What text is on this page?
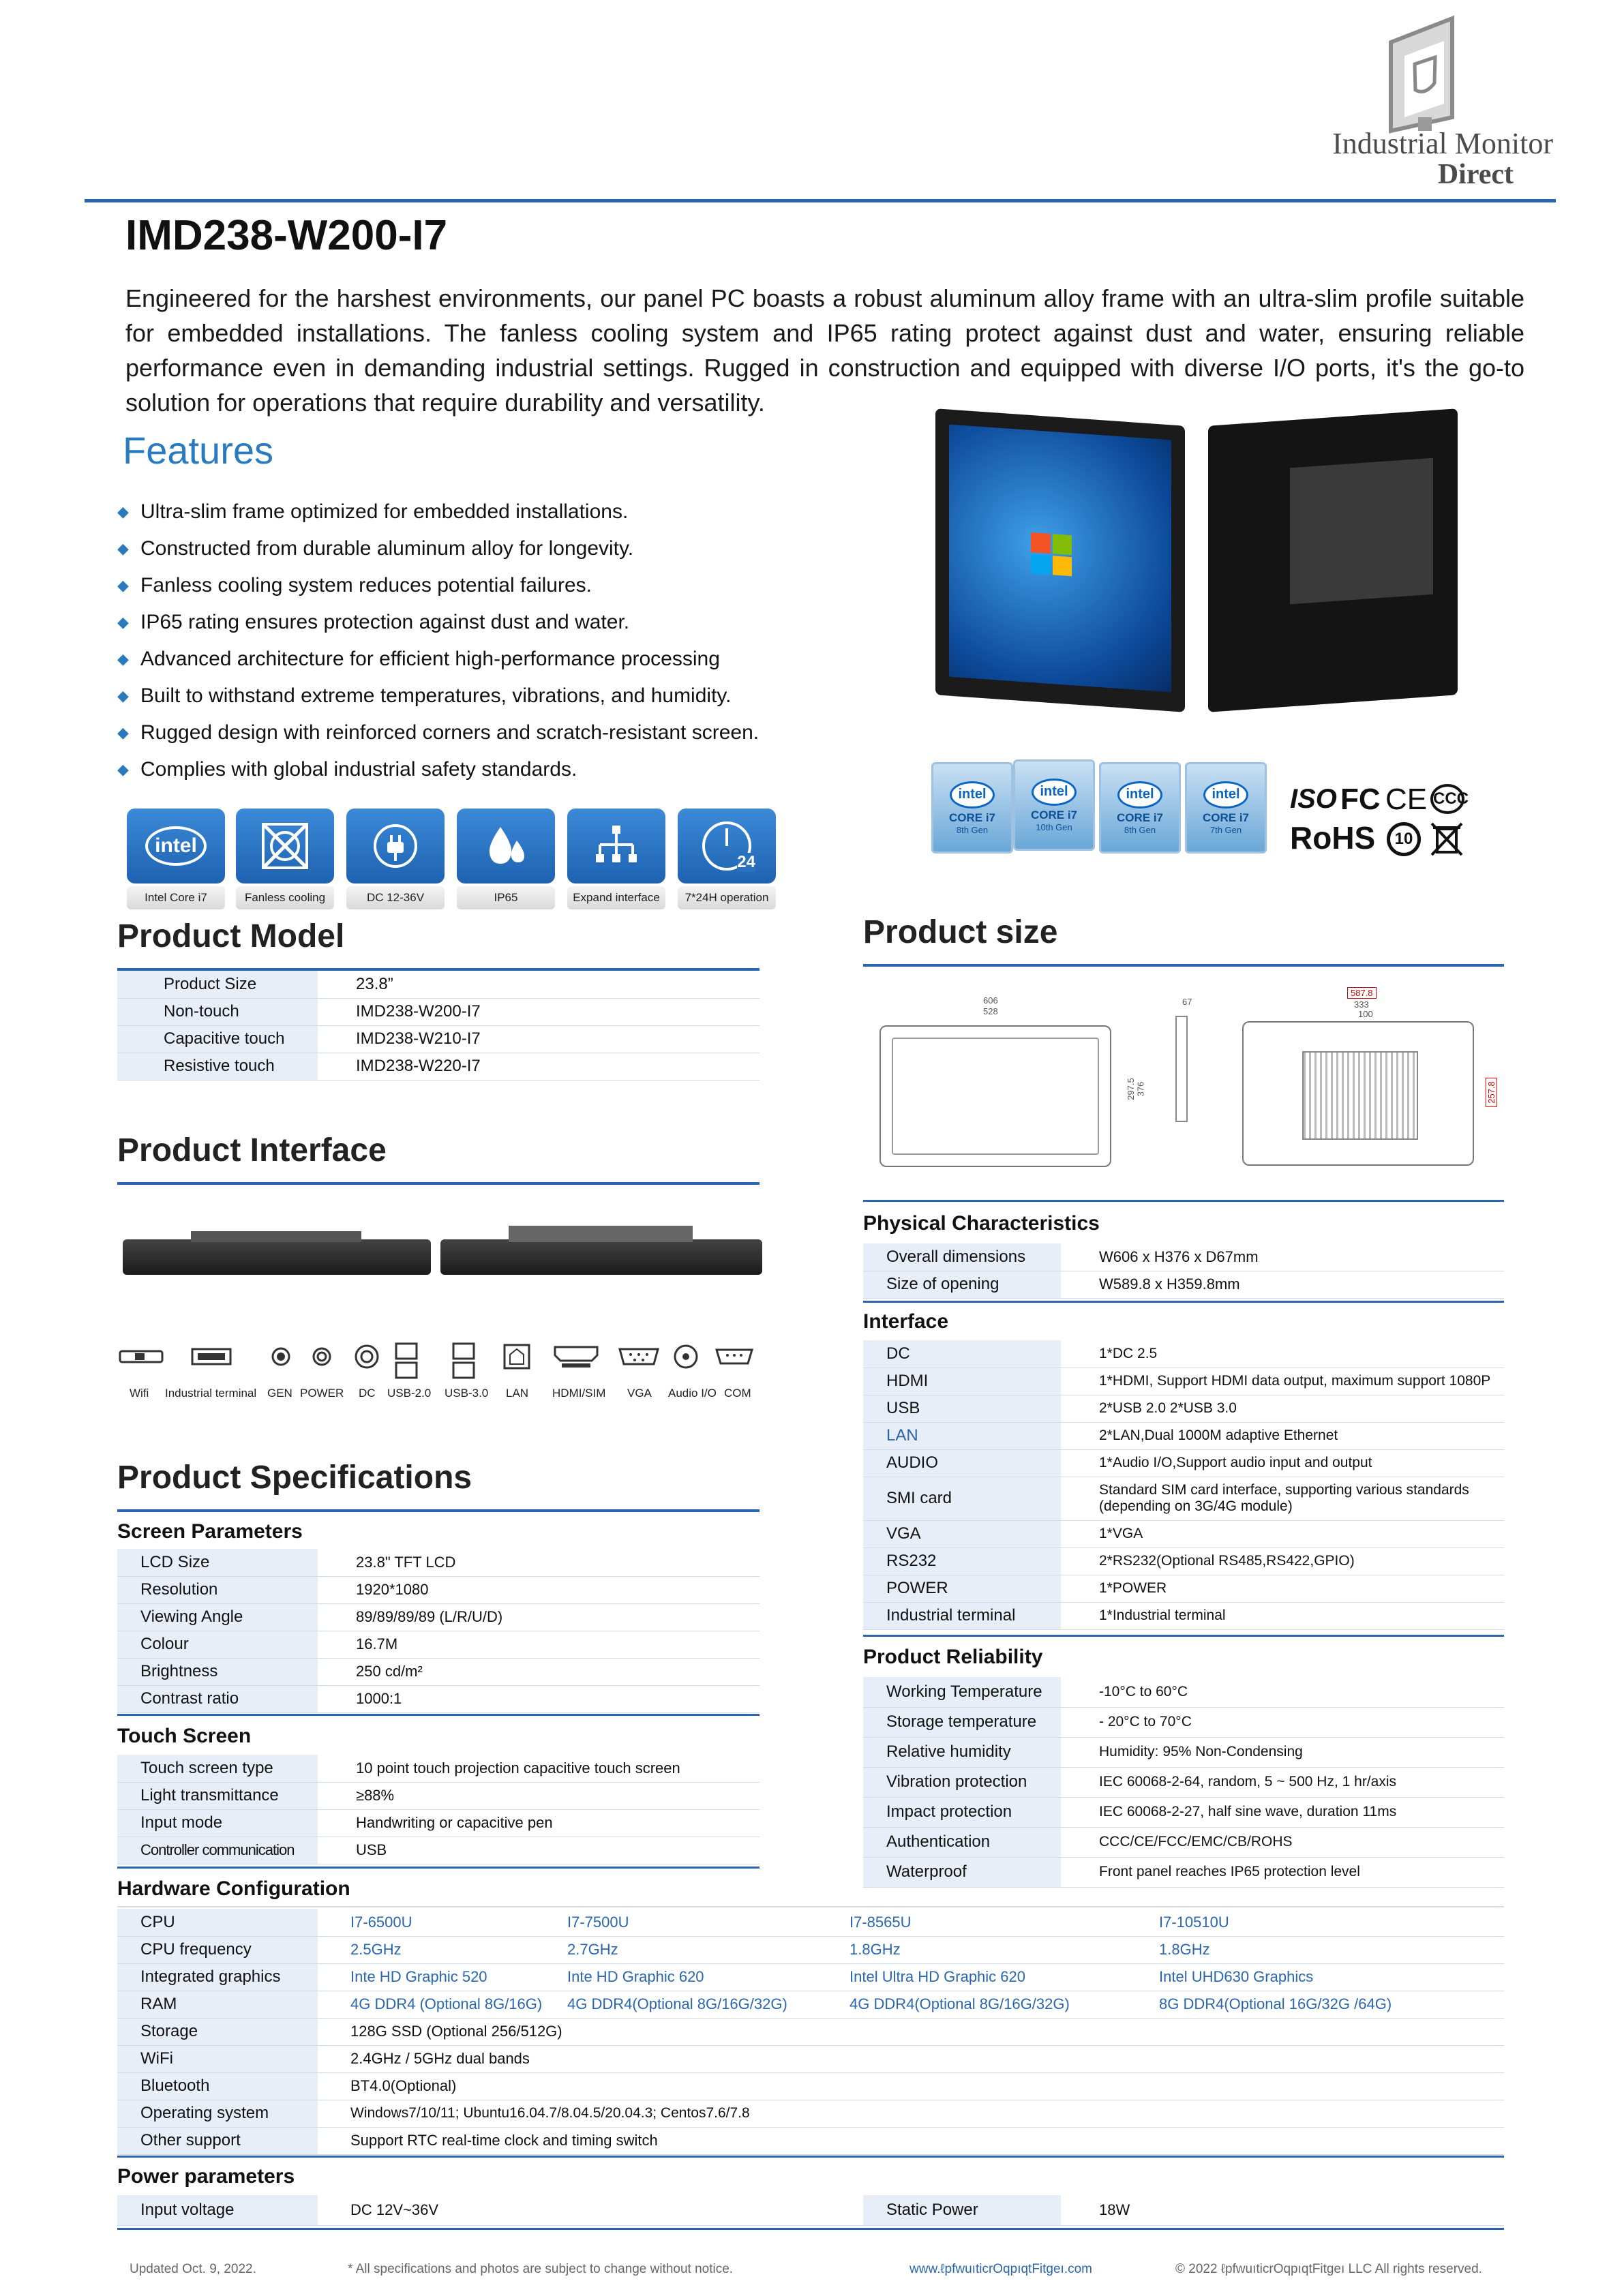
Industrial Monitor
Direct
IMD238-W200-I7

Engineered for the harshest environments, our panel PC boasts a robust aluminum alloy frame with an ultra-slim profile suitable for embedded installations. The fanless cooling system and IP65 rating protect against dust and water, ensuring reliable performance even in demanding industrial settings. Rugged in construction and equipped with diverse I/O ports, it's the go-to solution for operations that require durability and versatility.

Features
◆ Ultra-slim frame optimized for embedded installations.
◆ Constructed from durable aluminum alloy for longevity.
◆ Fanless cooling system reduces potential failures.
◆ IP65 rating ensures protection against dust and water.
◆ Advanced architecture for efficient high-performance processing
◆ Built to withstand extreme temperatures, vibrations, and humidity.
◆ Rugged design with reinforced corners and scratch-resistant screen.
◆ Complies with global industrial safety standards.
intel
Intel Core i7	Fanless cooling	DC 12-36V	IP65	Expand interface
24
7*24H operation
intel
CORE i7
8th Gen
intel
CORE i7
10th Gen
intel
CORE i7
8th Gen
intel
CORE i7
7th Gen
ISO FC CE CCC
RoHS	10
Product Model
Product Size	23.8”
Non-touch	IMD238-W200-I7
Capacitive touch	IMD238-W210-I7
Resistive touch	IMD238-W220-I7
Product size
606
528
297.5 376
67
587.8
333
100
257.8
Physical Characteristics
Overall dimensions	W606 x H376 x D67mm
Size of opening	W589.8 x H359.8mm
Interface
DC	1*DC 2.5
HDMI	1*HDMI, Support HDMI data output, maximum support 1080P
USB	2*USB 2.0 2*USB 3.0
LAN	2*LAN,Dual 1000M adaptive Ethernet
AUDIO	1*Audio I/O,Support audio input and output
SMI card	Standard SIM card interface, supporting various standards (depending on 3G/4G module)
VGA	1*VGA
RS232	2*RS232(Optional RS485,RS422,GPIO)
POWER	1*POWER
Industrial terminal	1*Industrial terminal
Product Reliability
Working Temperature	-10°C to 60°C
Storage temperature	- 20°C to 70°C
Relative humidity	Humidity: 95% Non-Condensing
Vibration protection	IEC 60068-2-64, random, 5 ~ 500 Hz, 1 hr/axis
Impact protection	IEC 60068-2-27, half sine wave, duration 11ms
Authentication	CCC/CE/FCC/EMC/CB/ROHS
Waterproof	Front panel reaches IP65 protection level
Product Interface
Wifi Industrial terminal GEN POWER DC USB-2.0 USB-3.0 LAN HDMI/SIM VGA Audio I/O COM
Product Specifications
Screen Parameters
LCD Size	23.8" TFT LCD
Resolution	1920*1080
Viewing Angle	89/89/89/89 (L/R/U/D)
Colour	16.7M
Brightness	250 cd/m²
Contrast ratio	1000:1
Touch Screen
Touch screen type	10 point touch projection capacitive touch screen
Light transmittance	≥88%
Input mode	Handwriting or capacitive pen
Controller communication	USB
Hardware Configuration
CPU	I7-6500U	I7-7500U	I7-8565U	I7-10510U
CPU frequency	2.5GHz	2.7GHz	1.8GHz	1.8GHz
Integrated graphics	Inte HD Graphic 520	Inte HD Graphic 620	Intel Ultra HD Graphic 620	Intel UHD630 Graphics
RAM	4G DDR4 (Optional 8G/16G)	4G DDR4(Optional 8G/16G/32G)	4G DDR4(Optional 8G/16G/32G)	8G DDR4(Optional 16G/32G /64G)
Storage	128G SSD (Optional 256/512G)			
WiFi	2.4GHz / 5GHz dual bands			
Bluetooth	BT4.0(Optional)			
Operating system	Windows7/10/11; Ubuntu16.04.7/8.04.5/20.04.3; Centos7.6/7.8			
Other support	Support RTC real-time clock and timing switch			
Power parameters
Input voltage	DC 12V~36V	Static Power	18W
Updated Oct. 9, 2022.	* All specifications and photos are subject to change without notice.	www.ℓpfwuıticrOqpıqtFitgeı.com	© 2022 ℓpfwuıticrOqpıqtFitgeı LLC All rights reserved.
